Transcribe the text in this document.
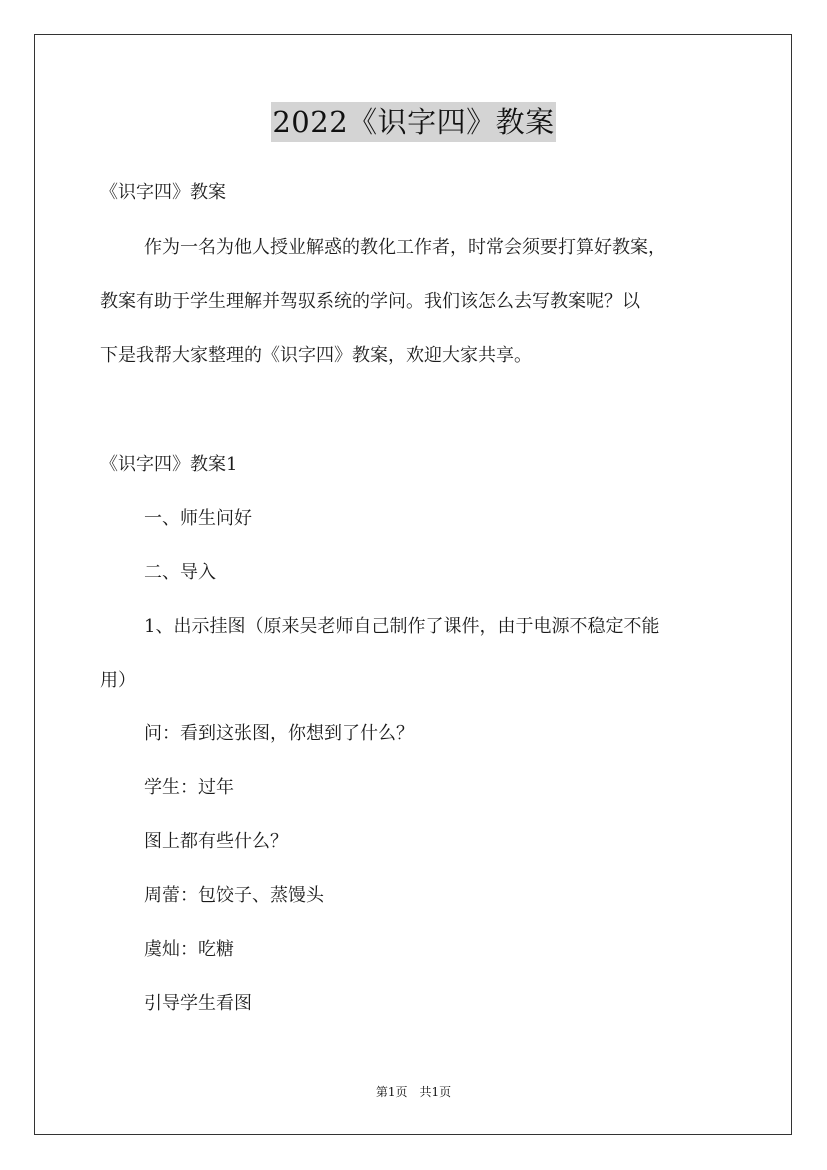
2022《识字四》教案
《识字四》教案
作为一名为他人授业解惑的教化工作者，时常会须要打算好教案，
教案有助于学生理解并驾驭系统的学问。我们该怎么去写教案呢？以
下是我帮大家整理的《识字四》教案，欢迎大家共享。
《识字四》教案1
一、师生问好
二、导入
1、出示挂图（原来吴老师自己制作了课件，由于电源不稳定不能
用）
问：看到这张图，你想到了什么？
学生：过年
图上都有些什么？
周蕾：包饺子、蒸馒头
虞灿：吃糖
引导学生看图
第1页　共1页
